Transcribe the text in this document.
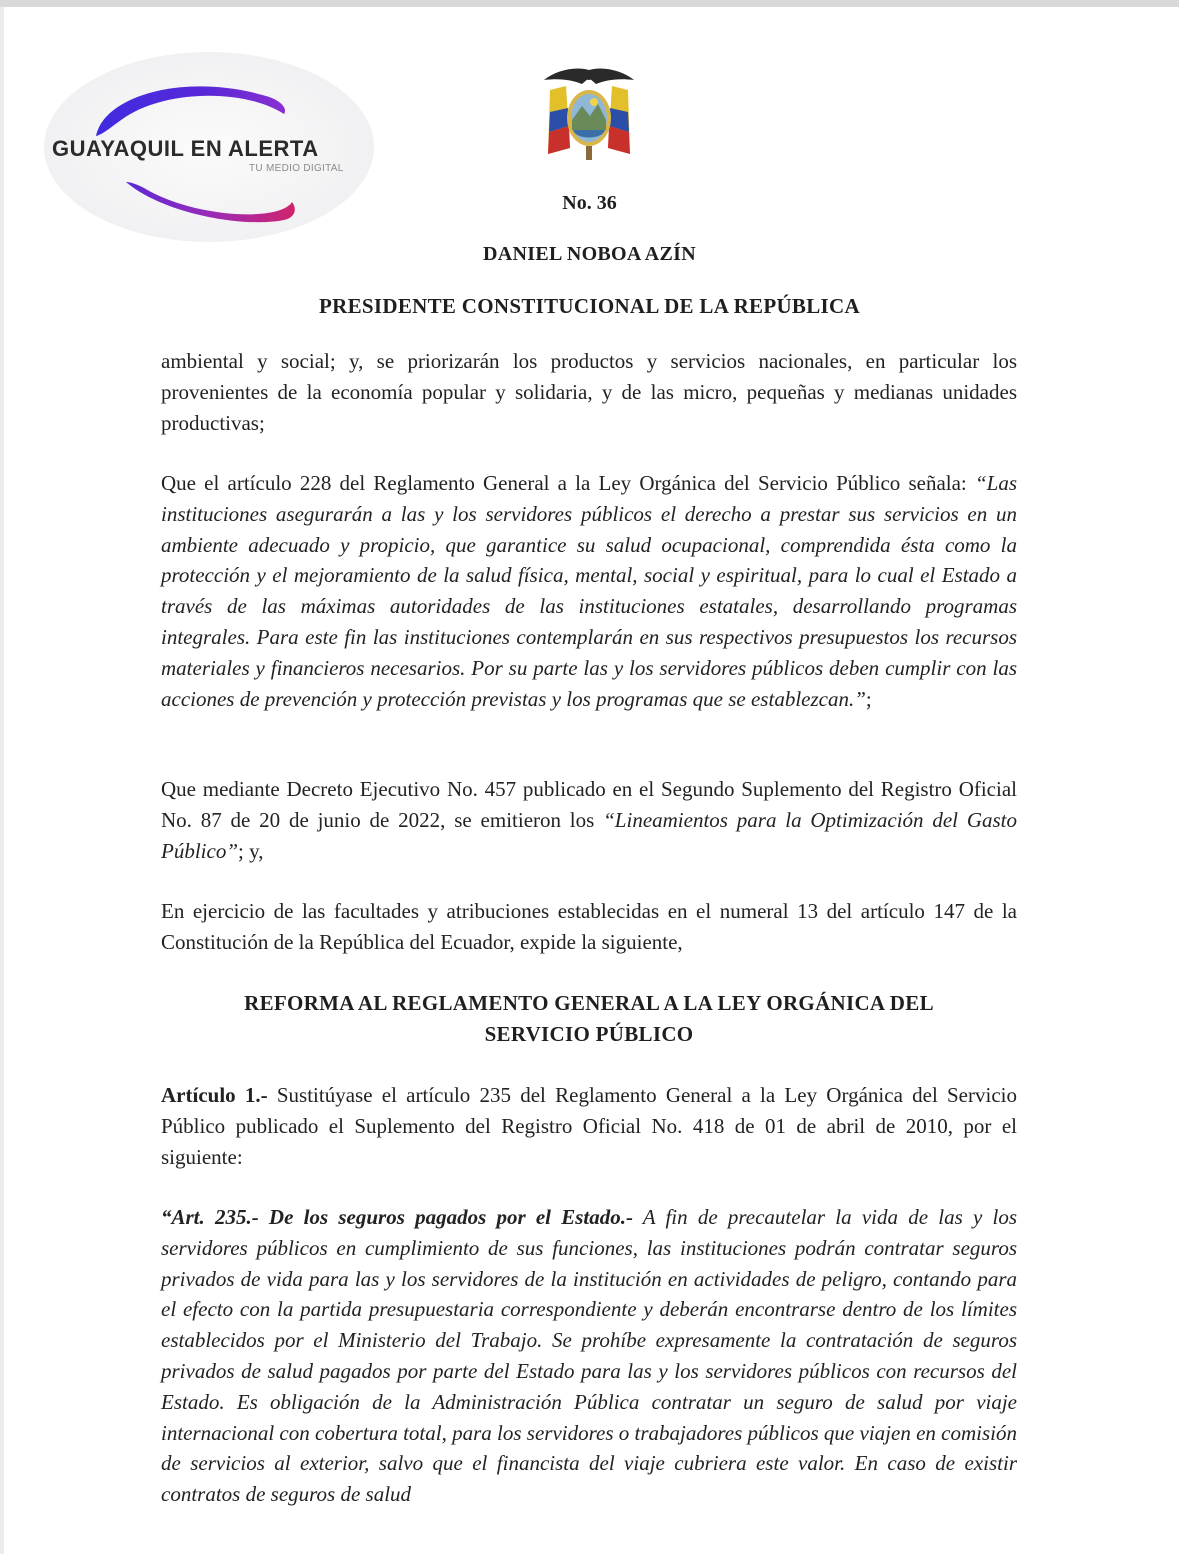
GUAYAQUIL EN ALERTA
TU MEDIO DIGITAL
No. 36
DANIEL NOBOA AZÍN
PRESIDENTE CONSTITUCIONAL DE LA REPÚBLICA

ambiental y social; y, se priorizarán los productos y servicios nacionales, en particular los provenientes de la economía popular y solidaria, y de las micro, pequeñas y medianas unidades productivas;

Que el artículo 228 del Reglamento General a la Ley Orgánica del Servicio Público señala: “Las instituciones asegurarán a las y los servidores públicos el derecho a prestar sus servicios en un ambiente adecuado y propicio, que garantice su salud ocupacional, comprendida ésta como la protección y el mejoramiento de la salud física, mental, social y espiritual, para lo cual el Estado a través de las máximas autoridades de las instituciones estatales, desarrollando programas integrales. Para este fin las instituciones contemplarán en sus respectivos presupuestos los recursos materiales y financieros necesarios. Por su parte las y los servidores públicos deben cumplir con las acciones de prevención y protección previstas y los programas que se establezcan.”;

Que mediante Decreto Ejecutivo No. 457 publicado en el Segundo Suplemento del Registro Oficial No. 87 de 20 de junio de 2022, se emitieron los “Lineamientos para la Optimización del Gasto Público”; y,

En ejercicio de las facultades y atribuciones establecidas en el numeral 13 del artículo 147 de la Constitución de la República del Ecuador, expide la siguiente,

REFORMA AL REGLAMENTO GENERAL A LA LEY ORGÁNICA DEL
SERVICIO PÚBLICO

Artículo 1.- Sustitúyase el artículo 235 del Reglamento General a la Ley Orgánica del Servicio Público publicado el Suplemento del Registro Oficial No. 418 de 01 de abril de 2010, por el siguiente:

“Art. 235.- De los seguros pagados por el Estado.- A fin de precautelar la vida de las y los servidores públicos en cumplimiento de sus funciones, las instituciones podrán contratar seguros privados de vida para las y los servidores de la institución en actividades de peligro, contando para el efecto con la partida presupuestaria correspondiente y deberán encontrarse dentro de los límites establecidos por el Ministerio del Trabajo. Se prohíbe expresamente la contratación de seguros privados de salud pagados por parte del Estado para las y los servidores públicos con recursos del Estado. Es obligación de la Administración Pública contratar un seguro de salud por viaje internacional con cobertura total, para los servidores o trabajadores públicos que viajen en comisión de servicios al exterior, salvo que el financista del viaje cubriera este valor. En caso de existir contratos de seguros de salud
